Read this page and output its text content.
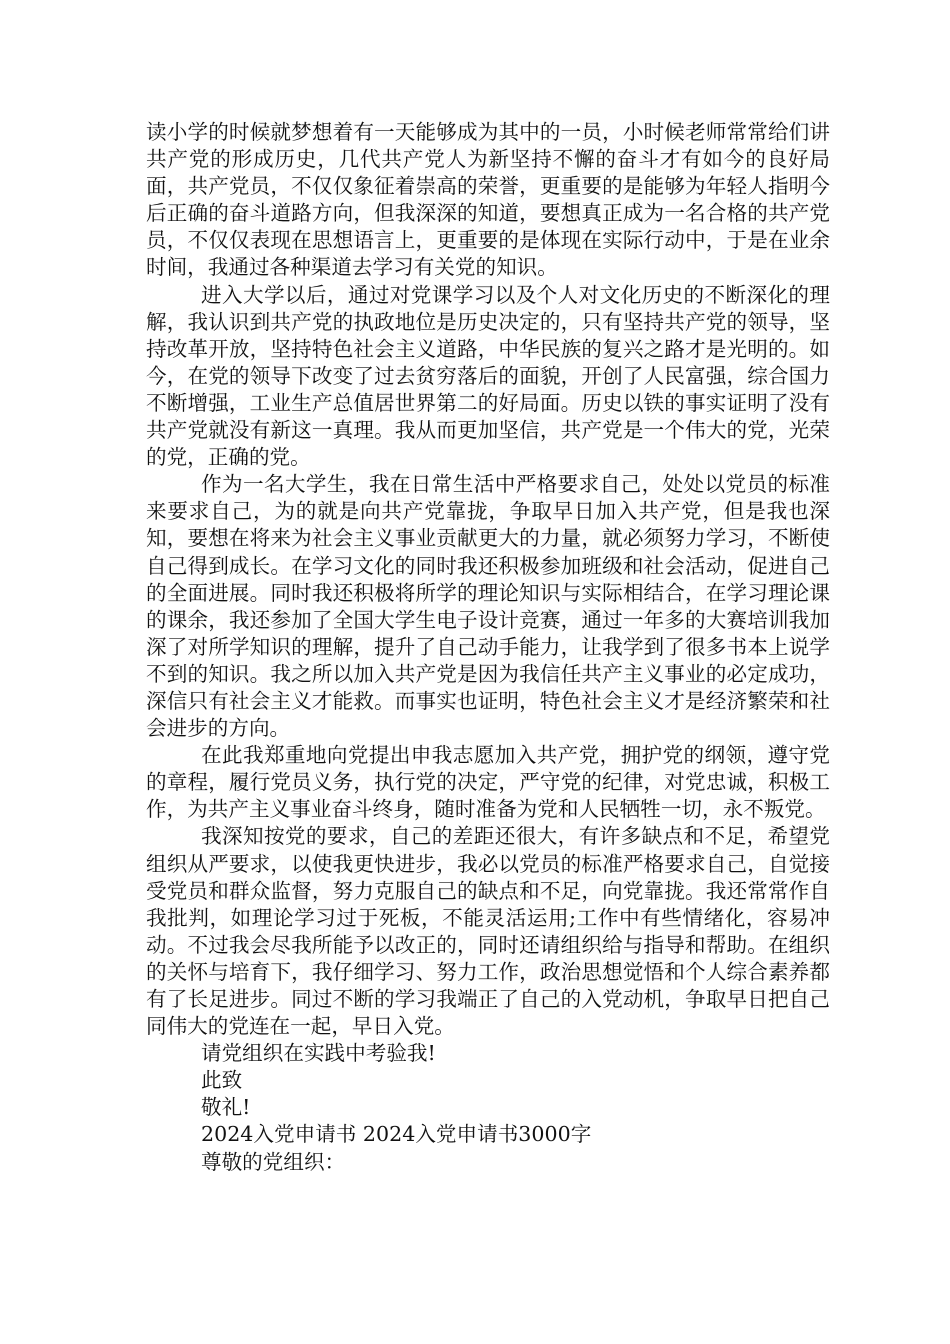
读小学的时候就梦想着有一天能够成为其中的一员，小时候老师常常给们讲共产党的形成历史，几代共产党人为新坚持不懈的奋斗才有如今的良好局面，共产党员，不仅仅象征着崇高的荣誉，更重要的是能够为年轻人指明今后正确的奋斗道路方向，但我深深的知道，要想真正成为一名合格的共产党员，不仅仅表现在思想语言上，更重要的是体现在实际行动中，于是在业余时间，我通过各种渠道去学习有关党的知识。

进入大学以后，通过对党课学习以及个人对文化历史的不断深化的理解，我认识到共产党的执政地位是历史决定的，只有坚持共产党的领导，坚持改革开放，坚持特色社会主义道路，中华民族的复兴之路才是光明的。如今，在党的领导下改变了过去贫穷落后的面貌，开创了人民富强，综合国力不断增强，工业生产总值居世界第二的好局面。历史以铁的事实证明了没有共产党就没有新这一真理。我从而更加坚信，共产党是一个伟大的党，光荣的党，正确的党。

作为一名大学生，我在日常生活中严格要求自己，处处以党员的标准来要求自己，为的就是向共产党靠拢，争取早日加入共产党，但是我也深知，要想在将来为社会主义事业贡献更大的力量，就必须努力学习，不断使自己得到成长。在学习文化的同时我还积极参加班级和社会活动，促进自己的全面进展。同时我还积极将所学的理论知识与实际相结合，在学习理论课的课余，我还参加了全国大学生电子设计竞赛，通过一年多的大赛培训我加深了对所学知识的理解，提升了自己动手能力，让我学到了很多书本上说学不到的知识。我之所以加入共产党是因为我信任共产主义事业的必定成功，深信只有社会主义才能救。而事实也证明，特色社会主义才是经济繁荣和社会进步的方向。

在此我郑重地向党提出申我志愿加入共产党，拥护党的纲领，遵守党的章程，履行党员义务，执行党的决定，严守党的纪律，对党忠诚，积极工作，为共产主义事业奋斗终身，随时准备为党和人民牺牲一切，永不叛党。

我深知按党的要求，自己的差距还很大，有许多缺点和不足，希望党组织从严要求，以使我更快进步，我必以党员的标准严格要求自己，自觉接受党员和群众监督，努力克服自己的缺点和不足，向党靠拢。我还常常作自我批判，如理论学习过于死板，不能灵活运用;工作中有些情绪化，容易冲动。不过我会尽我所能予以改正的，同时还请组织给与指导和帮助。在组织的关怀与培育下，我仔细学习、努力工作，政治思想觉悟和个人综合素养都有了长足进步。同过不断的学习我端正了自己的入党动机，争取早日把自己同伟大的党连在一起，早日入党。

请党组织在实践中考验我!

此致

敬礼!

2024入党申请书 2024入党申请书3000字

尊敬的党组织：
